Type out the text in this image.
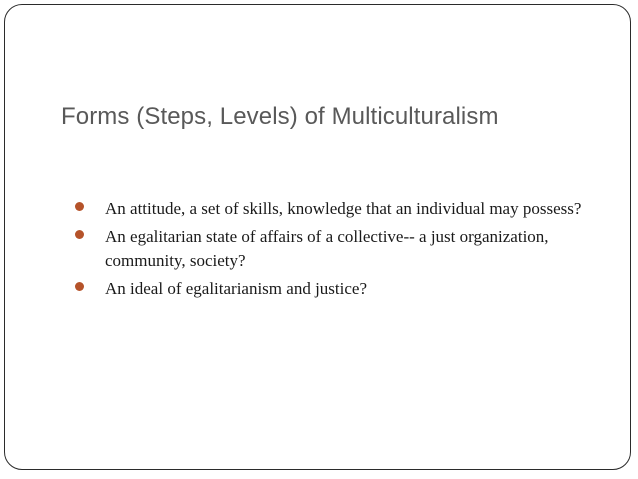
Forms (Steps, Levels) of Multiculturalism
An attitude, a set of skills, knowledge that an individual may possess?
An egalitarian state of affairs of a collective-- a just organization, community, society?
An ideal of egalitarianism and justice?
